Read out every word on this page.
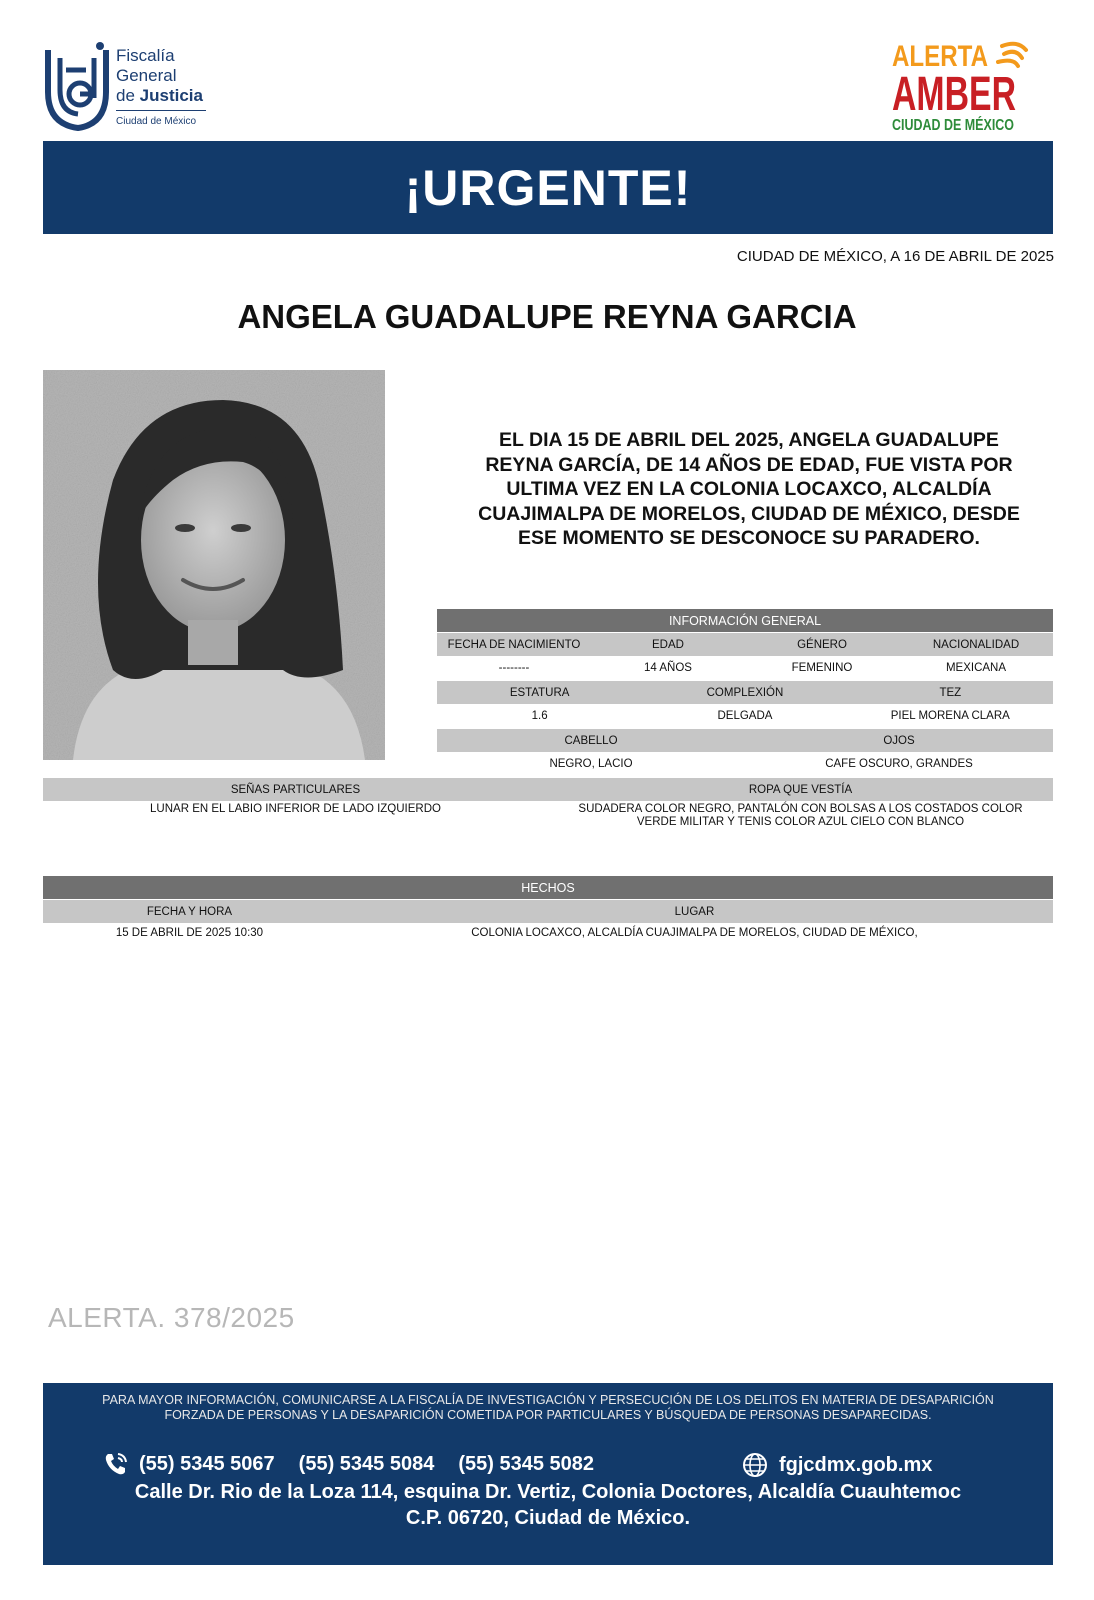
Fiscalía
General
de Justicia
Ciudad de México
ALERTA
AMBER
CIUDAD DE MÉXICO
¡URGENTE!
CIUDAD DE MÉXICO, A 16 DE ABRIL DE 2025
ANGELA GUADALUPE REYNA GARCIA
EL DIA 15 DE ABRIL DEL 2025, ANGELA GUADALUPE
REYNA GARCÍA, DE 14 AÑOS DE EDAD, FUE VISTA POR
ULTIMA VEZ EN LA COLONIA LOCAXCO, ALCALDÍA
CUAJIMALPA DE MORELOS, CIUDAD DE MÉXICO, DESDE
ESE MOMENTO SE DESCONOCE SU PARADERO.
INFORMACIÓN GENERAL
FECHA DE NACIMIENTO	EDAD	GÉNERO	NACIONALIDAD
--------	14 AÑOS	FEMENINO	MEXICANA
ESTATURA	COMPLEXIÓN	TEZ
1.6	DELGADA	PIEL MORENA CLARA
CABELLO	OJOS
NEGRO, LACIO	CAFE OSCURO, GRANDES
SEÑAS PARTICULARES	ROPA QUE VESTÍA
LUNAR EN EL LABIO INFERIOR DE LADO IZQUIERDO	SUDADERA COLOR NEGRO, PANTALÓN CON BOLSAS A LOS COSTADOS COLOR
VERDE MILITAR Y TENIS COLOR AZUL CIELO CON BLANCO
HECHOS
FECHA Y HORA	LUGAR
15 DE ABRIL DE 2025 10:30	COLONIA LOCAXCO, ALCALDÍA CUAJIMALPA DE MORELOS, CIUDAD DE MÉXICO,
ALERTA. 378/2025
PARA MAYOR INFORMACIÓN, COMUNICARSE A LA FISCALÍA DE INVESTIGACIÓN Y PERSECUCIÓN DE LOS DELITOS EN MATERIA DE DESAPARICIÓN
FORZADA DE PERSONAS Y LA DESAPARICIÓN COMETIDA POR PARTICULARES Y BÚSQUEDA DE PERSONAS DESAPARECIDAS.
(55) 5345 5067 (55) 5345 5084 (55) 5345 5082	fgjcdmx.gob.mx
Calle Dr. Rio de la Loza 114, esquina Dr. Vertiz, Colonia Doctores, Alcaldía Cuauhtemoc
C.P. 06720, Ciudad de México.
